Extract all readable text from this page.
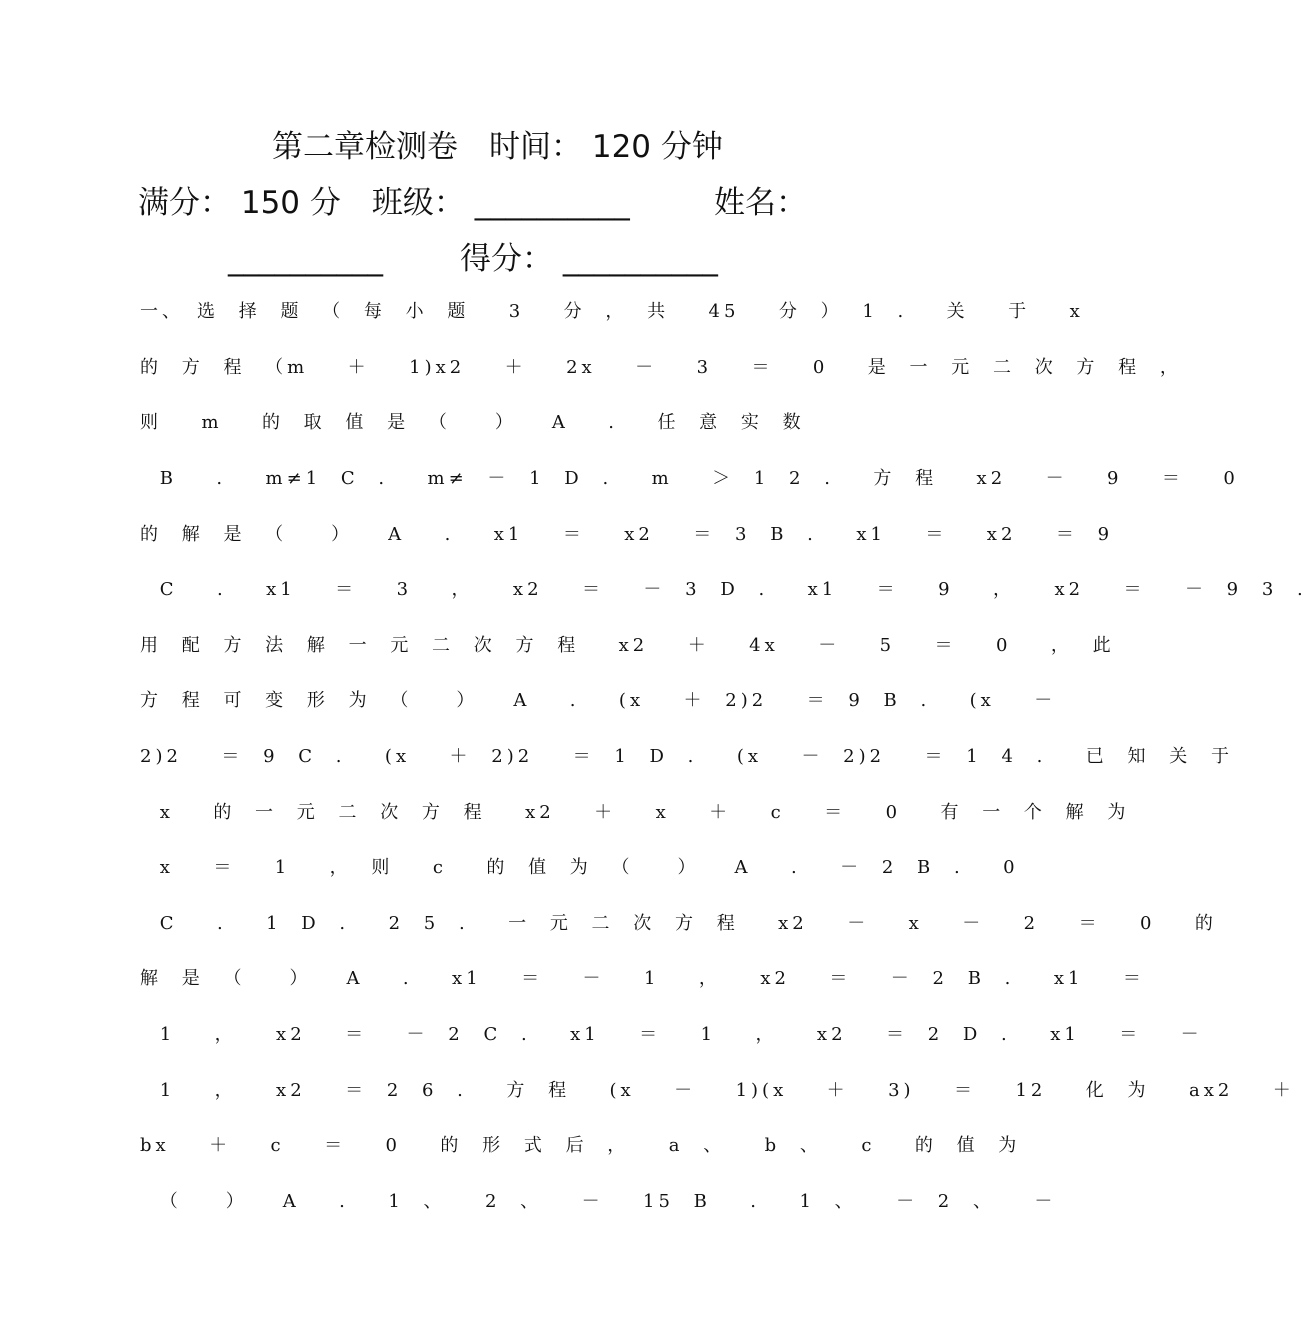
第二章检测卷　时间： 120 分钟
满分： 150 分　班级： __________	姓名：
__________ 得分： __________
一、　选 择 题 （ 每 小 题  3  分 ， 共  45  分 ） 1 .  关  于  x
的 方 程 （m  ＋  1)x2  ＋  2x  －  3  ＝  0  是 一 元 二 次 方 程 ，
则  m  的 取 值 是 （　　）　　A  .  任 意 实 数
B  .  m≠1 C .  m≠ － 1 D .  m  ＞ 1 2 .  方 程  x2  －  9  ＝  0
的 解 是 （　　）　　A  .  x1  ＝  x2  ＝ 3 B .  x1  ＝  x2  ＝ 9
C  .  x1  ＝  3  ，  x2  ＝  － 3 D .  x1  ＝  9  ，  x2  ＝  － 9 3 .
用 配 方 法 解 一 元 二 次 方 程  x2  ＋  4x  －  5  ＝  0  ， 此
方 程 可 变 形 为 （　　）　　A  .  (x  ＋ 2)2  ＝ 9 B .  (x  －
2)2  ＝ 9 C .  (x  ＋ 2)2  ＝ 1 D .  (x  － 2)2  ＝ 1 4 .  已 知 关 于
x  的 一 元 二 次 方 程  x2  ＋  x  ＋  c  ＝  0  有 一 个 解 为
x  ＝  1  ， 则  c  的 值 为 （　　）　　A  .  － 2 B .  0
C  .  1 D .  2 5 .  一 元 二 次 方 程  x2  －  x  －  2  ＝  0  的
解 是 （　　）　　A  .  x1  ＝  －  1  ，  x2  ＝  － 2 B .  x1  ＝
1  ，  x2  ＝  － 2 C .  x1  ＝  1  ，  x2  ＝ 2 D .  x1  ＝  －
1  ，  x2  ＝ 2 6 .  方 程  (x  －  1)(x  ＋  3)  ＝  12  化 为  ax2  ＋
bx  ＋  c  ＝  0  的 形 式 后 ，  a 、  b 、  c  的 值 为
（　　）　　A  .  1 、  2 、  －  15 B  .  1 、  － 2 、  －
